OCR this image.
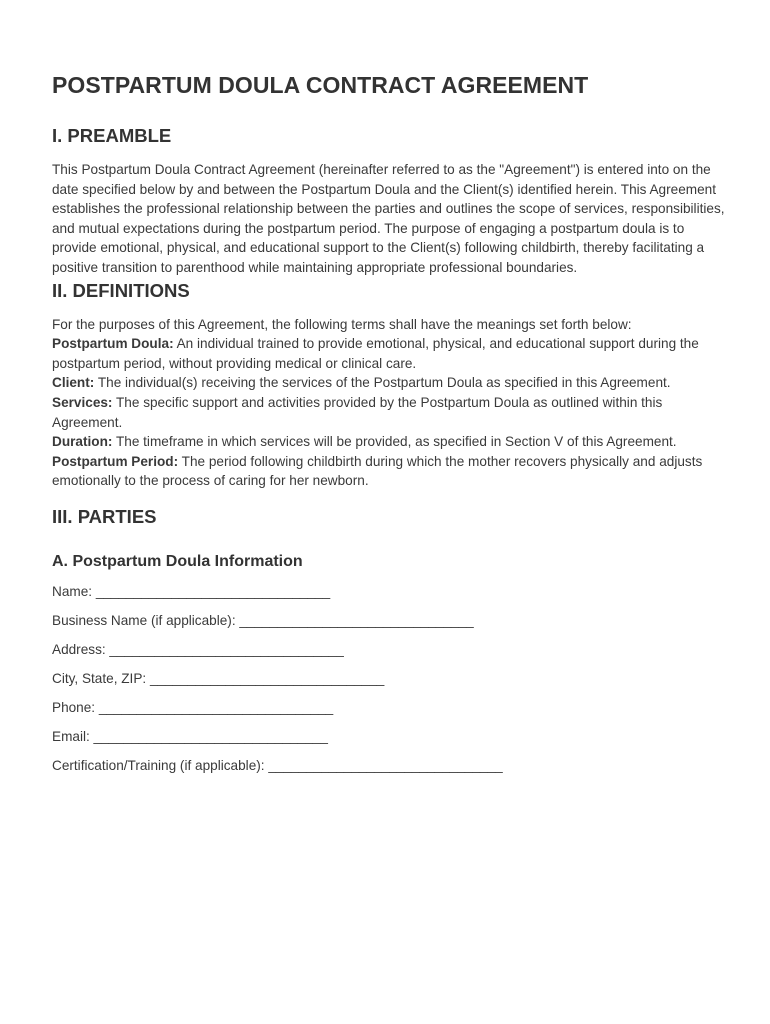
POSTPARTUM DOULA CONTRACT AGREEMENT
I. PREAMBLE

This Postpartum Doula Contract Agreement (hereinafter referred to as the "Agreement") is entered into on the date specified below by and between the Postpartum Doula and the Client(s) identified herein. This Agreement establishes the professional relationship between the parties and outlines the scope of services, responsibilities, and mutual expectations during the postpartum period. The purpose of engaging a postpartum doula is to provide emotional, physical, and educational support to the Client(s) following childbirth, thereby facilitating a positive transition to parenthood while maintaining appropriate professional boundaries.

II. DEFINITIONS

For the purposes of this Agreement, the following terms shall have the meanings set forth below:

Postpartum Doula: An individual trained to provide emotional, physical, and educational support during the postpartum period, without providing medical or clinical care.

Client: The individual(s) receiving the services of the Postpartum Doula as specified in this Agreement.

Services: The specific support and activities provided by the Postpartum Doula as outlined within this Agreement.

Duration: The timeframe in which services will be provided, as specified in Section V of this Agreement.

Postpartum Period: The period following childbirth during which the mother recovers physically and adjusts emotionally to the process of caring for her newborn.

III. PARTIES
A. Postpartum Doula Information
Name: _______________________________
Business Name (if applicable): _______________________________
Address: _______________________________
City, State, ZIP: _______________________________
Phone: _______________________________
Email: _______________________________
Certification/Training (if applicable): _______________________________
